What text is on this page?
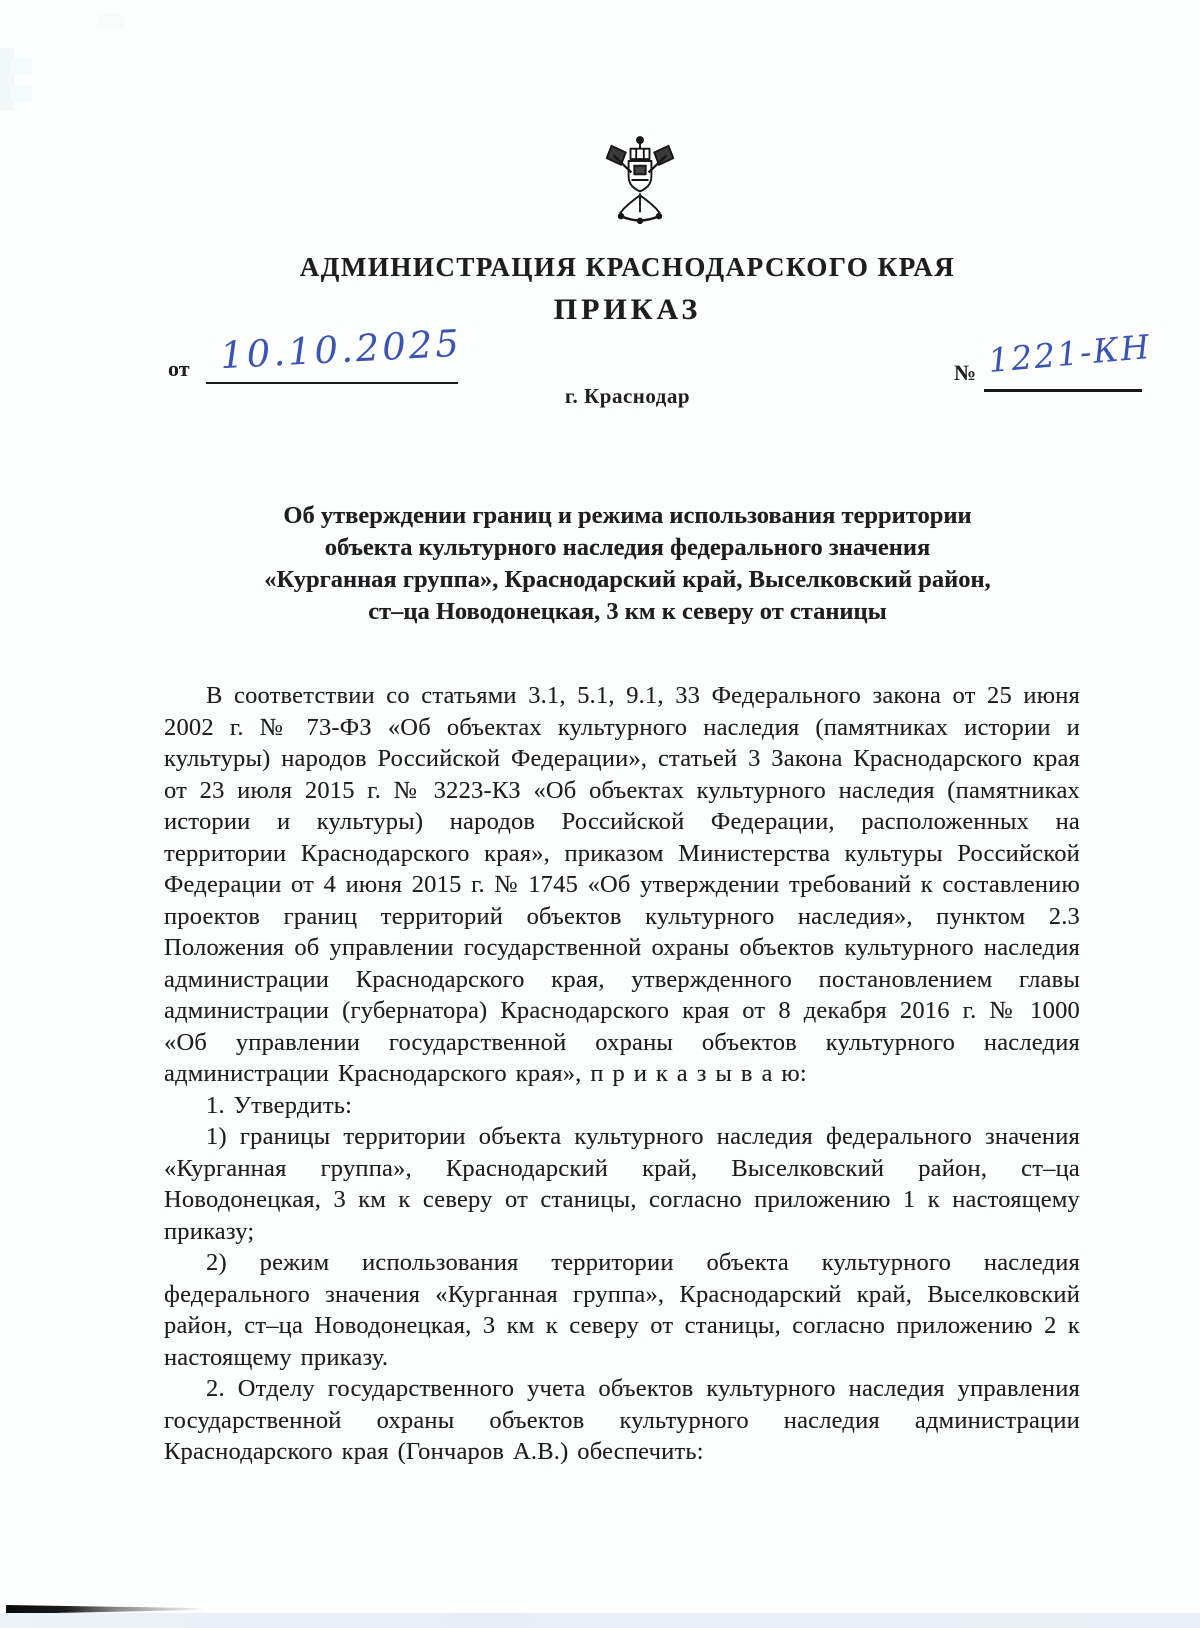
АДМИНИСТРАЦИЯ КРАСНОДАРСКОГО КРАЯ
ПРИКАЗ
от 10.10.2025	№ 1221-КН
г. Краснодар
Об утверждении границ и режима использования территории
объекта культурного наследия федерального значения
«Курганная группа», Краснодарский край, Выселковский район,
ст–ца Новодонецкая, 3 км к северу от станицы

В соответствии со статьями 3.1, 5.1, 9.1, 33 Федерального закона от 25 июня 2002 г. № 73-ФЗ «Об объектах культурного наследия (памятниках истории и культуры) народов Российской Федерации», статьей 3 Закона Краснодарского края от 23 июля 2015 г. № 3223-КЗ «Об объектах культурного наследия (памятниках истории и культуры) народов Российской Федерации, расположенных на территории Краснодарского края», приказом Министерства культуры Российской Федерации от 4 июня 2015 г. № 1745 «Об утверждении требований к составлению проектов границ территорий объектов культурного наследия», пунктом 2.3 Положения об управлении государственной охраны объектов культурного наследия администрации Краснодарского края, утвержденного постановлением главы администрации (губернатора) Краснодарского края от 8 декабря 2016 г. № 1000 «Об управлении государственной охраны объектов культурного наследия администрации Краснодарского края», п р и к а з ы в а ю:

1. Утвердить:

1) границы территории объекта культурного наследия федерального значения «Курганная группа», Краснодарский край, Выселковский район, ст–ца Новодонецкая, 3 км к северу от станицы, согласно приложению 1 к настоящему приказу;

2) режим использования территории объекта культурного наследия федерального значения «Курганная группа», Краснодарский край, Выселковский район, ст–ца Новодонецкая, 3 км к северу от станицы, согласно приложению 2 к настоящему приказу.

2. Отделу государственного учета объектов культурного наследия управления государственной охраны объектов культурного наследия администрации Краснодарского края (Гончаров А.В.) обеспечить:
